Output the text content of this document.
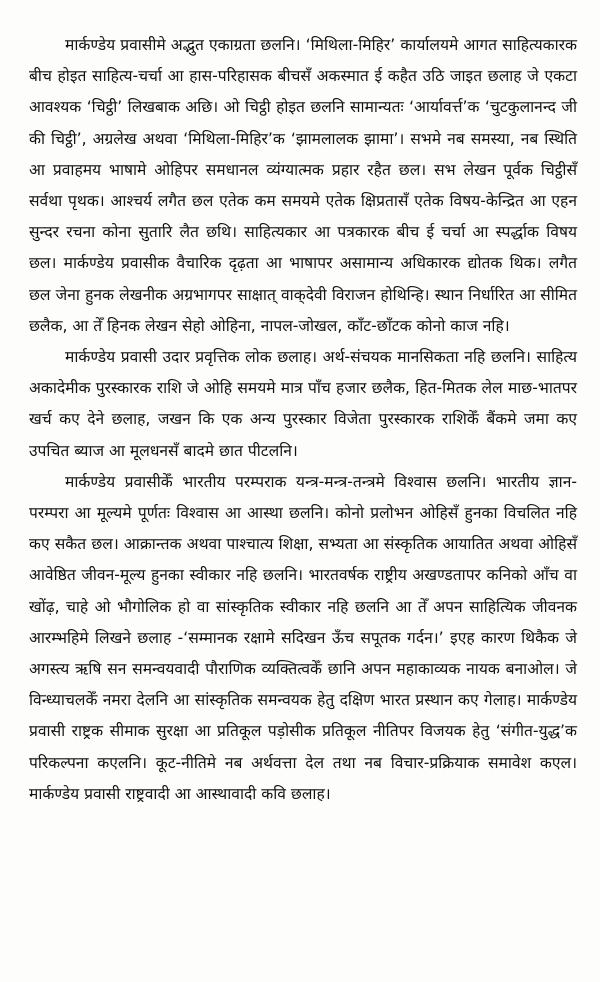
मार्कण्डेय प्रवासीमे अद्भुत एकाग्रता छलनि। ‘मिथिला-मिहिर’ कार्यालयमे आगत साहित्यकारक बीच होइत साहित्य-चर्चा आ हास-परिहासक बीचसँ अकस्मात ई कहैत उठि जाइत छलाह जे एकटा आवश्यक ‘चिट्ठी’ लिखबाक अछि। ओ चिट्ठी होइत छलनि सामान्यतः ‘आर्यावर्त्त’क ‘चुटकुलानन्द जी की चिट्ठी’, अग्रलेख अथवा ‘मिथिला-मिहिर’क ‘झामलालक झामा’। सभमे नब समस्या, नब स्थिति आ प्रवाहमय भाषामे ओहिपर समधानल व्यंग्यात्मक प्रहार रहैत छल। सभ लेखन पूर्वक चिट्ठीसँ सर्वथा पृथक। आश्चर्य लगैत छल एतेक कम समयमे एतेक क्षिप्रतासँ एतेक विषय-केन्द्रित आ एहन सुन्दर रचना कोना सुतारि लैत छथि। साहित्यकार आ पत्रकारक बीच ई चर्चा आ स्पर्द्धाक विषय छल। मार्कण्डेय प्रवासीक वैचारिक दृढ़ता आ भाषापर असामान्य अधिकारक द्योतक थिक। लगैत छल जेना हुनक लेखनीक अग्रभागपर साक्षात् वाक्‌देवी विराजन होथिन्हि। स्थान निर्धारित आ सीमित छलैक, आ तेँ हिनक लेखन सेहो ओहिना, नापल-जोखल, काँट-छाँटक कोनो काज नहि।

मार्कण्डेय प्रवासी उदार प्रवृत्तिक लोक छलाह। अर्थ-संचयक मानसिकता नहि छलनि। साहित्य अकादेमीक पुरस्कारक राशि जे ओहि समयमे मात्र पाँच हजार छलैक, हित-मितक लेल माछ-भातपर खर्च कए देने छलाह, जखन कि एक अन्य पुरस्कार विजेता पुरस्कारक राशिकेँ बैंकमे जमा कए उपचित ब्याज आ मूलधनसँ बादमे छात पीटलनि।

मार्कण्डेय प्रवासीकेँ भारतीय परम्पराक यन्त्र-मन्त्र-तन्त्रमे विश्वास छलनि। भारतीय ज्ञान-परम्परा आ मूल्यमे पूर्णतः विश्वास आ आस्था छलनि। कोनो प्रलोभन ओहिसँ हुनका विचलित नहि कए सकैत छल। आक्रान्तक अथवा पाश्चात्य शिक्षा, सभ्यता आ संस्कृतिक आयातित अथवा ओहिसँ आवेष्ठित जीवन-मूल्य हुनका स्वीकार नहि छलनि। भारतवर्षक राष्ट्रीय अखण्डतापर कनिको आँच वा खोंढ़, चाहे ओ भौगोलिक हो वा सांस्कृतिक स्वीकार नहि छलनि आ तेँ अपन साहित्यिक जीवनक आरम्भहिमे लिखने छलाह -‘सम्मानक रक्षामे सदिखन ऊँच सपूतक गर्दन।’ इएह कारण थिकैक जे अगस्त्य ऋषि सन समन्वयवादी पौराणिक व्यक्तित्वकेँ छानि अपन महाकाव्यक नायक बनाओल। जे विन्ध्याचलकेँ नमरा देलनि आ सांस्कृतिक समन्वयक हेतु दक्षिण भारत प्रस्थान कए गेलाह। मार्कण्डेय प्रवासी राष्ट्रक सीमाक सुरक्षा आ प्रतिकूल पड़ोसीक प्रतिकूल नीतिपर विजयक हेतु ‘संगीत-युद्ध’क परिकल्पना कएलनि। कूट-नीतिमे नब अर्थवत्ता देल तथा नब विचार-प्रक्रियाक समावेश कएल। मार्कण्डेय प्रवासी राष्ट्रवादी आ आस्थावादी कवि छलाह।
